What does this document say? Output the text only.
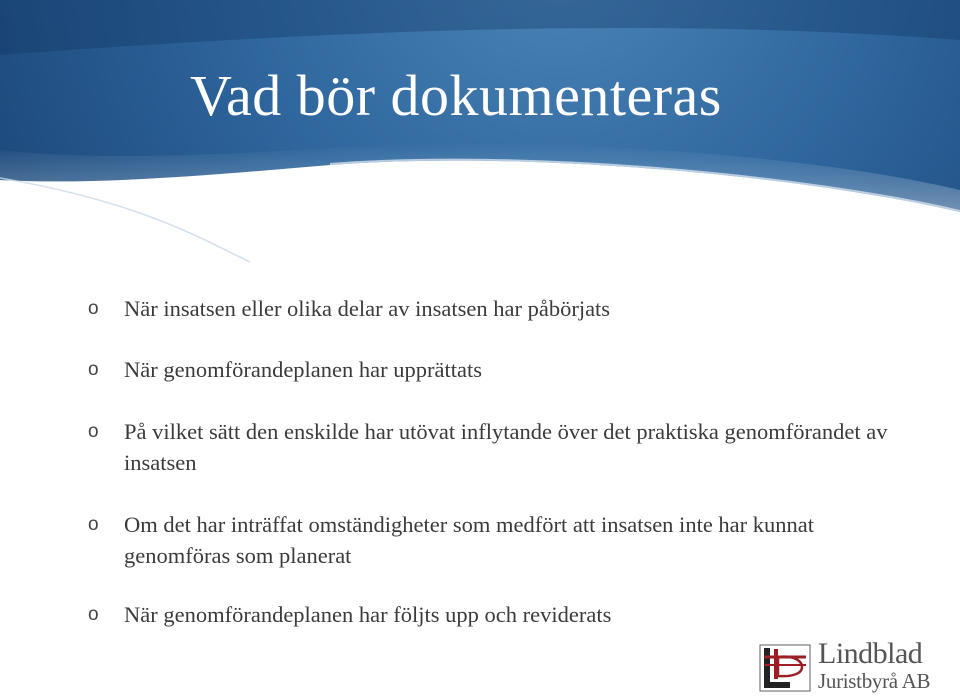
Vad bör dokumenteras
o	När insatsen eller olika delar av insatsen har påbörjats
o	När genomförandeplanen har upprättats
o	På vilket sätt den enskilde har utövat inflytande över det praktiska genomförandet av insatsen
o	Om det har inträffat omständigheter som medfört att insatsen inte har kunnat genomföras som planerat
o	När genomförandeplanen har följts upp och reviderats
Lindblad
Juristbyrå AB
